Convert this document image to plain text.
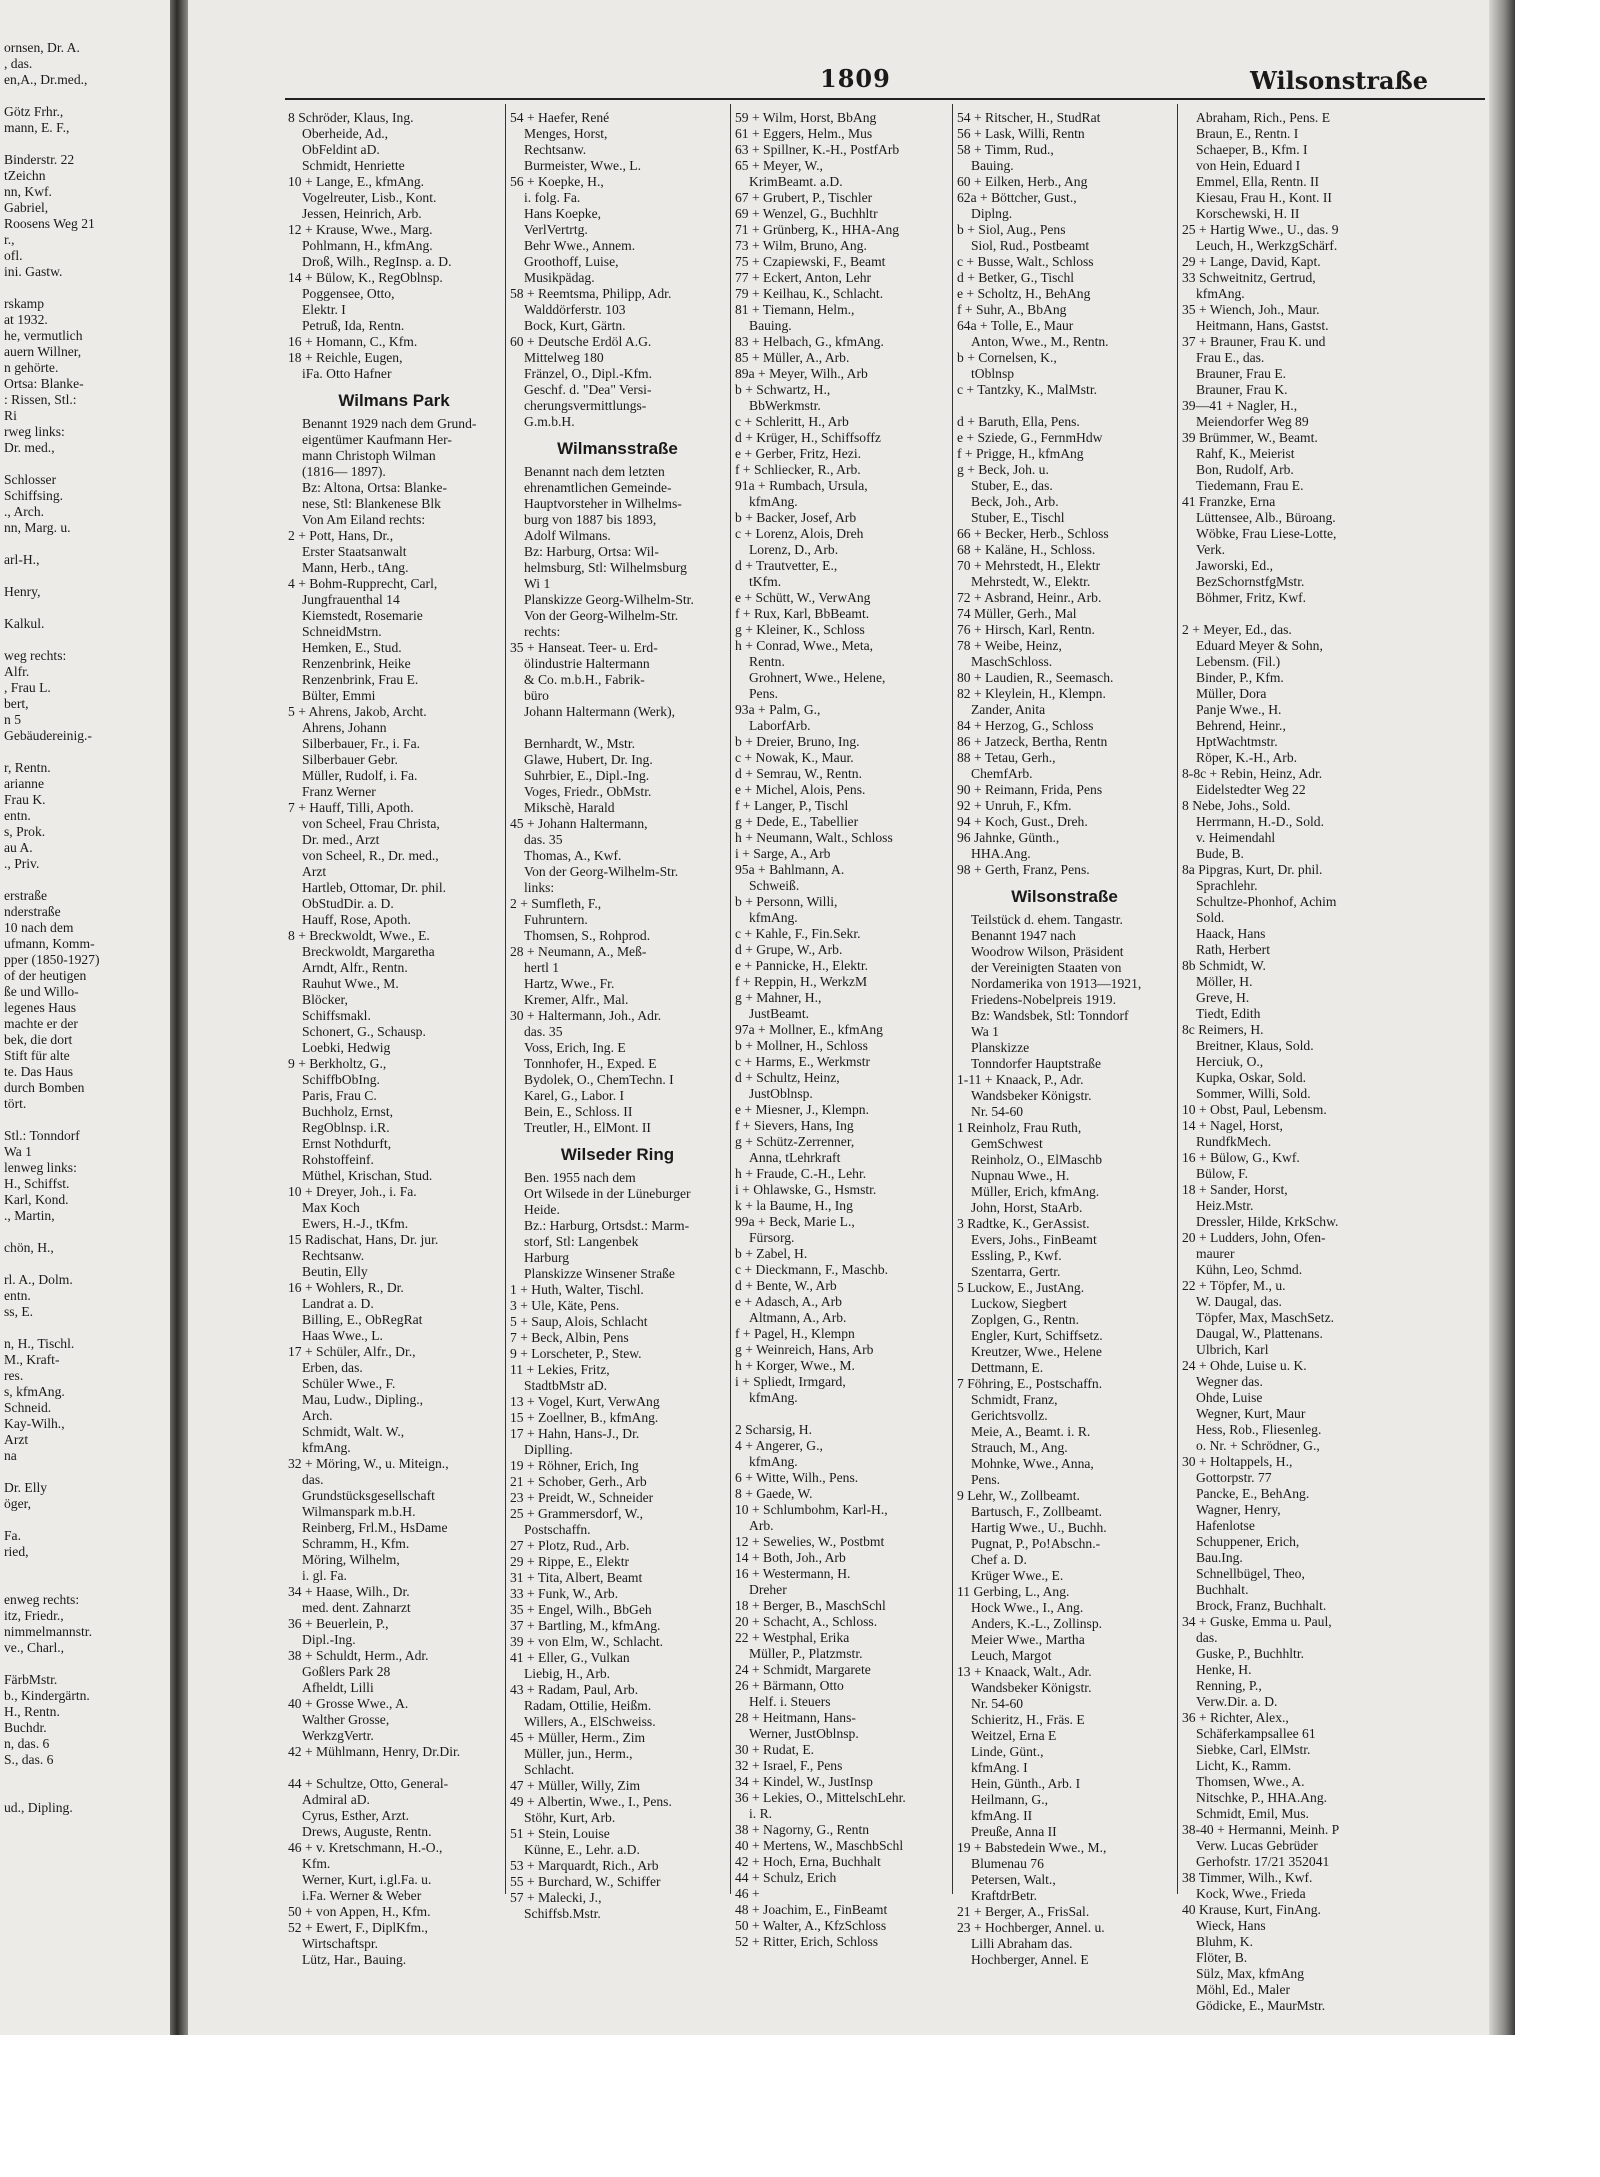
ornsen, Dr. A.
, das.
en,A., Dr.med.,

Götz Frhr.,
mann, E. F.,

Binderstr. 22
tZeichn
nn, Kwf.
Gabriel,
Roosens Weg 21
r.,
ofl.
ini. Gastw.

rskamp
at 1932.
he, vermutlich
auern Willner,
n gehörte.
Ortsa: Blanke-
: Rissen, Stl.:
Ri
rweg links:
Dr. med.,

Schlosser
Schiffsing.
., Arch.
nn, Marg. u.

arl-H.,

Henry,

Kalkul.

weg rechts:
Alfr.
, Frau L.
bert,
n 5
Gebäudereinig.-

r, Rentn.
arianne
Frau K.
entn.
s, Prok.
au A.
., Priv.

erstraße
nderstraße
10 nach dem
ufmann, Komm-
pper (1850-1927)
of der heutigen
ße und Willo-
legenes Haus
machte er der
bek, die dort
Stift für alte
te. Das Haus
durch Bomben
tört.

Stl.: Tonndorf
Wa 1
lenweg links:
H., Schiffst.
Karl, Kond.
., Martin,

chön, H.,

rl. A., Dolm.
entn.
ss, E.

n, H., Tischl.
M., Kraft-
res.
s, kfmAng.
Schneid.
Kay-Wilh.,
Arzt
na

Dr. Elly
öger,

Fa.
ried,

enweg rechts:
itz, Friedr.,
nimmelmannstr.
ve., Charl.,

FärbMstr.
b., Kindergärtn.
H., Rentn.
Buchdr.
n, das. 6
S., das. 6

ud., Dipling.
1809	Wilsonstraße
8 Schröder, Klaus, Ing.
Oberheide, Ad.,
ObFeldint aD.
Schmidt, Henriette
10 + Lange, E., kfmAng.
Vogelreuter, Lisb., Kont.
Jessen, Heinrich, Arb.
12 + Krause, Wwe., Marg.
Pohlmann, H., kfmAng.
Droß, Wilh., RegInsp. a. D.
14 + Bülow, K., RegOblnsp.
Poggensee, Otto,
Elektr. I
Petruß, Ida, Rentn.
16 + Homann, C., Kfm.
18 + Reichle, Eugen,
iFa. Otto Hafner
Wilmans Park
Benannt 1929 nach dem Grund-
eigentümer Kaufmann Her-
mann Christoph Wilman
(1816— 1897).
Bz: Altona, Ortsa: Blanke-
nese, Stl: Blankenese Blk
Von Am Eiland rechts:
2 + Pott, Hans, Dr.,
Erster Staatsanwalt
Mann, Herb., tAng.
4 + Bohm-Rupprecht, Carl,
Jungfrauenthal 14
Kiemstedt, Rosemarie
SchneidMstrn.
Hemken, E., Stud.
Renzenbrink, Heike
Renzenbrink, Frau E.
Bülter, Emmi
5 + Ahrens, Jakob, Archt.
Ahrens, Johann
Silberbauer, Fr., i. Fa.
Silberbauer Gebr.
Müller, Rudolf, i. Fa.
Franz Werner
7 + Hauff, Tilli, Apoth.
von Scheel, Frau Christa,
Dr. med., Arzt
von Scheel, R., Dr. med.,
Arzt
Hartleb, Ottomar, Dr. phil.
ObStudDir. a. D.
Hauff, Rose, Apoth.
8 + Breckwoldt, Wwe., E.
Breckwoldt, Margaretha
Arndt, Alfr., Rentn.
Rauhut Wwe., M.
Blöcker,
Schiffsmakl.
Schonert, G., Schausp.
Loebki, Hedwig
9 + Berkholtz, G.,
SchiffbObIng.
Paris, Frau C.
Buchholz, Ernst,
RegOblnsp. i.R.
Ernst Nothdurft,
Rohstoffeinf.
Müthel, Krischan, Stud.
10 + Dreyer, Joh., i. Fa.
Max Koch
Ewers, H.-J., tKfm.
15 Radischat, Hans, Dr. jur.
Rechtsanw.
Beutin, Elly
16 + Wohlers, R., Dr.
Landrat a. D.
Billing, E., ObRegRat
Haas Wwe., L.
17 + Schüler, Alfr., Dr.,
Erben, das.
Schüler Wwe., F.
Mau, Ludw., Dipling.,
Arch.
Schmidt, Walt. W.,
kfmAng.
32 + Möring, W., u. Miteign.,
das.
Grundstücksgesellschaft
Wilmanspark m.b.H.
Reinberg, Frl.M., HsDame
Schramm, H., Kfm.
Möring, Wilhelm,
i. gl. Fa.
34 + Haase, Wilh., Dr.
med. dent. Zahnarzt
36 + Beuerlein, P.,
Dipl.-Ing.
38 + Schuldt, Herm., Adr.
Goßlers Park 28
Afheldt, Lilli
40 + Grosse Wwe., A.
Walther Grosse,
WerkzgVertr.
42 + Mühlmann, Henry, Dr.Dir.

44 + Schultze, Otto, General-
Admiral aD.
Cyrus, Esther, Arzt.
Drews, Auguste, Rentn.
46 + v. Kretschmann, H.-O.,
Kfm.
Werner, Kurt, i.gl.Fa. u.
i.Fa. Werner & Weber
50 + von Appen, H., Kfm.
52 + Ewert, F., DiplKfm.,
Wirtschaftspr.
Lütz, Har., Bauing.
54 + Haefer, René
Menges, Horst,
Rechtsanw.
Burmeister, Wwe., L.
56 + Koepke, H.,
i. folg. Fa.
Hans Koepke,
VerlVertrtg.
Behr Wwe., Annem.
Groothoff, Luise,
Musikpädag.
58 + Reemtsma, Philipp, Adr.
Walddörferstr. 103
Bock, Kurt, Gärtn.
60 + Deutsche Erdöl A.G.
Mittelweg 180
Fränzel, O., Dipl.-Kfm.
Geschf. d. "Dea" Versi-
cherungsvermittlungs-
G.m.b.H.
Wilmansstraße
Benannt nach dem letzten
ehrenamtlichen Gemeinde-
Hauptvorsteher in Wilhelms-
burg von 1887 bis 1893,
Adolf Wilmans.
Bz: Harburg, Ortsa: Wil-
helmsburg, Stl: Wilhelmsburg
Wi 1
Planskizze Georg-Wilhelm-Str.
Von der Georg-Wilhelm-Str.
rechts:
35 + Hanseat. Teer- u. Erd-
ölindustrie Haltermann
& Co. m.b.H., Fabrik-
büro
Johann Haltermann (Werk),

Bernhardt, W., Mstr.
Glawe, Hubert, Dr. Ing.
Suhrbier, E., Dipl.-Ing.
Voges, Friedr., ObMstr.
Mikschè, Harald
45 + Johann Haltermann,
das. 35
Thomas, A., Kwf.
Von der Georg-Wilhelm-Str.
links:
2 + Sumfleth, F.,
Fuhruntern.
Thomsen, S., Rohprod.
28 + Neumann, A., Meß-
hertl 1
Hartz, Wwe., Fr.
Kremer, Alfr., Mal.
30 + Haltermann, Joh., Adr.
das. 35
Voss, Erich, Ing. E
Tonnhofer, H., Exped. E
Bydolek, O., ChemTechn. I
Karel, G., Labor. I
Bein, E., Schloss. II
Treutler, H., ElMont. II
Wilseder Ring
Ben. 1955 nach dem
Ort Wilsede in der Lüneburger
Heide.
Bz.: Harburg, Ortsdst.: Marm-
storf, Stl: Langenbek
Harburg
Planskizze Winsener Straße
1 + Huth, Walter, Tischl.
3 + Ule, Käte, Pens.
5 + Saup, Alois, Schlacht
7 + Beck, Albin, Pens
9 + Lorscheter, P., Stew.
11 + Lekies, Fritz,
StadtbMstr aD.
13 + Vogel, Kurt, VerwAng
15 + Zoellner, B., kfmAng.
17 + Hahn, Hans-J., Dr.
Diplling.
19 + Röhner, Erich, Ing
21 + Schober, Gerh., Arb
23 + Preidt, W., Schneider
25 + Grammersdorf, W.,
Postschaffn.
27 + Plotz, Rud., Arb.
29 + Rippe, E., Elektr
31 + Tita, Albert, Beamt
33 + Funk, W., Arb.
35 + Engel, Wilh., BbGeh
37 + Bartling, M., kfmAng.
39 + von Elm, W., Schlacht.
41 + Eller, G., Vulkan
Liebig, H., Arb.
43 + Radam, Paul, Arb.
Radam, Ottilie, Heißm.
Willers, A., ElSchweiss.
45 + Müller, Herm., Zim
Müller, jun., Herm.,
Schlacht.
47 + Müller, Willy, Zim
49 + Albertin, Wwe., I., Pens.
Stöhr, Kurt, Arb.
51 + Stein, Louise
Künne, E., Lehr. a.D.
53 + Marquardt, Rich., Arb
55 + Burchard, W., Schiffer
57 + Malecki, J.,
Schiffsb.Mstr.
59 + Wilm, Horst, BbAng
61 + Eggers, Helm., Mus
63 + Spillner, K.-H., PostfArb
65 + Meyer, W.,
KrimBeamt. a.D.
67 + Grubert, P., Tischler
69 + Wenzel, G., Buchhltr
71 + Grünberg, K., HHA-Ang
73 + Wilm, Bruno, Ang.
75 + Czapiewski, F., Beamt
77 + Eckert, Anton, Lehr
79 + Keilhau, K., Schlacht.
81 + Tiemann, Helm.,
Bauing.
83 + Helbach, G., kfmAng.
85 + Müller, A., Arb.
89a + Meyer, Wilh., Arb
b + Schwartz, H.,
BbWerkmstr.
c + Schleritt, H., Arb
d + Krüger, H., Schiffsoffz
e + Gerber, Fritz, Hezi.
f + Schliecker, R., Arb.
91a + Rumbach, Ursula,
kfmAng.
b + Backer, Josef, Arb
c + Lorenz, Alois, Dreh
Lorenz, D., Arb.
d + Trautvetter, E.,
tKfm.
e + Schütt, W., VerwAng
f + Rux, Karl, BbBeamt.
g + Kleiner, K., Schloss
h + Conrad, Wwe., Meta,
Rentn.
Grohnert, Wwe., Helene,
Pens.
93a + Palm, G.,
LaborfArb.
b + Dreier, Bruno, Ing.
c + Nowak, K., Maur.
d + Semrau, W., Rentn.
e + Michel, Alois, Pens.
f + Langer, P., Tischl
g + Dede, E., Tabellier
h + Neumann, Walt., Schloss
i + Sarge, A., Arb
95a + Bahlmann, A.
Schweiß.
b + Personn, Willi,
kfmAng.
c + Kahle, F., Fin.Sekr.
d + Grupe, W., Arb.
e + Pannicke, H., Elektr.
f + Reppin, H., WerkzM
g + Mahner, H.,
JustBeamt.
97a + Mollner, E., kfmAng
b + Mollner, H., Schloss
c + Harms, E., Werkmstr
d + Schultz, Heinz,
JustOblnsp.
e + Miesner, J., Klempn.
f + Sievers, Hans, Ing
g + Schütz-Zerrenner,
Anna, tLehrkraft
h + Fraude, C.-H., Lehr.
i + Ohlawske, G., Hsmstr.
k + la Baume, H., Ing
99a + Beck, Marie L.,
Fürsorg.
b + Zabel, H.
c + Dieckmann, F., Maschb.
d + Bente, W., Arb
e + Adasch, A., Arb
Altmann, A., Arb.
f + Pagel, H., Klempn
g + Weinreich, Hans, Arb
h + Korger, Wwe., M.
i + Spliedt, Irmgard,
kfmAng.

2 Scharsig, H.
4 + Angerer, G.,
kfmAng.
6 + Witte, Wilh., Pens.
8 + Gaede, W.
10 + Schlumbohm, Karl-H.,
Arb.
12 + Sewelies, W., Postbmt
14 + Both, Joh., Arb
16 + Westermann, H.
Dreher
18 + Berger, B., MaschSchl
20 + Schacht, A., Schloss.
22 + Westphal, Erika
Müller, P., Platzmstr.
24 + Schmidt, Margarete
26 + Bärmann, Otto
Helf. i. Steuers
28 + Heitmann, Hans-
Werner, JustOblnsp.
30 + Rudat, E.
32 + Israel, F., Pens
34 + Kindel, W., JustInsp
36 + Lekies, O., MittelschLehr.
i. R.
38 + Nagorny, G., Rentn
40 + Mertens, W., MaschbSchl
42 + Hoch, Erna, Buchhalt
44 + Schulz, Erich
46 +
48 + Joachim, E., FinBeamt
50 + Walter, A., KfzSchloss
52 + Ritter, Erich, Schloss
54 + Ritscher, H., StudRat
56 + Lask, Willi, Rentn
58 + Timm, Rud.,
Bauing.
60 + Eilken, Herb., Ang
62a + Böttcher, Gust.,
Diplng.
b + Siol, Aug., Pens
Siol, Rud., Postbeamt
c + Busse, Walt., Schloss
d + Betker, G., Tischl
e + Scholtz, H., BehAng
f + Suhr, A., BbAng
64a + Tolle, E., Maur
Anton, Wwe., M., Rentn.
b + Cornelsen, K.,
tOblnsp
c + Tantzky, K., MalMstr.

d + Baruth, Ella, Pens.
e + Sziede, G., FernmHdw
f + Prigge, H., kfmAng
g + Beck, Joh. u.
Stuber, E., das.
Beck, Joh., Arb.
Stuber, E., Tischl
66 + Becker, Herb., Schloss
68 + Kaläne, H., Schloss.
70 + Mehrstedt, H., Elektr
Mehrstedt, W., Elektr.
72 + Asbrand, Heinr., Arb.
74 Müller, Gerh., Mal
76 + Hirsch, Karl, Rentn.
78 + Weibe, Heinz,
MaschSchloss.
80 + Laudien, R., Seemasch.
82 + Kleylein, H., Klempn.
Zander, Anita
84 + Herzog, G., Schloss
86 + Jatzeck, Bertha, Rentn
88 + Tetau, Gerh.,
ChemfArb.
90 + Reimann, Frida, Pens
92 + Unruh, F., Kfm.
94 + Koch, Gust., Dreh.
96 Jahnke, Günth.,
HHA.Ang.
98 + Gerth, Franz, Pens.
Wilsonstraße
Teilstück d. ehem. Tangastr.
Benannt 1947 nach
Woodrow Wilson, Präsident
der Vereinigten Staaten von
Nordamerika von 1913—1921,
Friedens-Nobelpreis 1919.
Bz: Wandsbek, Stl: Tonndorf
Wa 1
Planskizze
Tonndorfer Hauptstraße
1-11 + Knaack, P., Adr.
Wandsbeker Königstr.
Nr. 54-60
1 Reinholz, Frau Ruth,
GemSchwest
Reinholz, O., ElMaschb
Nupnau Wwe., H.
Müller, Erich, kfmAng.
John, Horst, StaArb.
3 Radtke, K., GerAssist.
Evers, Johs., FinBeamt
Essling, P., Kwf.
Szentarra, Gertr.
5 Luckow, E., JustAng.
Luckow, Siegbert
Zoplgen, G., Rentn.
Engler, Kurt, Schiffsetz.
Kreutzer, Wwe., Helene
Dettmann, E.
7 Föhring, E., Postschaffn.
Schmidt, Franz,
Gerichtsvollz.
Meie, A., Beamt. i. R.
Strauch, M., Ang.
Mohnke, Wwe., Anna,
Pens.
9 Lehr, W., Zollbeamt.
Bartusch, F., Zollbeamt.
Hartig Wwe., U., Buchh.
Pugnat, P., Po!Abschn.-
Chef a. D.
Krüger Wwe., E.
11 Gerbing, L., Ang.
Hock Wwe., I., Ang.
Anders, K.-L., Zollinsp.
Meier Wwe., Martha
Leuch, Margot
13 + Knaack, Walt., Adr.
Wandsbeker Königstr.
Nr. 54-60
Schieritz, H., Fräs. E
Weitzel, Erna E
Linde, Günt.,
kfmAng. I
Hein, Günth., Arb. I
Heilmann, G.,
kfmAng. II
Preuße, Anna II
19 + Babstedein Wwe., M.,
Blumenau 76
Petersen, Walt.,
KraftdrBetr.
21 + Berger, A., FrisSal.
23 + Hochberger, Annel. u.
Lilli Abraham das.
Hochberger, Annel. E
Abraham, Rich., Pens. E
Braun, E., Rentn. I
Schaeper, B., Kfm. I
von Hein, Eduard I
Emmel, Ella, Rentn. II
Kiesau, Frau H., Kont. II
Korschewski, H. II
25 + Hartig Wwe., U., das. 9
Leuch, H., WerkzgSchärf.
29 + Lange, David, Kapt.
33 Schweitnitz, Gertrud,
kfmAng.
35 + Wiench, Joh., Maur.
Heitmann, Hans, Gastst.
37 + Brauner, Frau K. und
Frau E., das.
Brauner, Frau E.
Brauner, Frau K.
39—41 + Nagler, H.,
Meiendorfer Weg 89
39 Brümmer, W., Beamt.
Rahf, K., Meierist
Bon, Rudolf, Arb.
Tiedemann, Frau E.
41 Franzke, Erna
Lüttensee, Alb., Büroang.
Wöbke, Frau Liese-Lotte,
Verk.
Jaworski, Ed.,
BezSchornstfgMstr.
Böhmer, Fritz, Kwf.

2 + Meyer, Ed., das.
Eduard Meyer & Sohn,
Lebensm. (Fil.)
Binder, P., Kfm.
Müller, Dora
Panje Wwe., H.
Behrend, Heinr.,
HptWachtmstr.
Röper, K.-H., Arb.
8-8c + Rebin, Heinz, Adr.
Eidelstedter Weg 22
8 Nebe, Johs., Sold.
Herrmann, H.-D., Sold.
v. Heimendahl
Bude, B.
8a Pipgras, Kurt, Dr. phil.
Sprachlehr.
Schultze-Phonhof, Achim
Sold.
Haack, Hans
Rath, Herbert
8b Schmidt, W.
Möller, H.
Greve, H.
Tiedt, Edith
8c Reimers, H.
Breitner, Klaus, Sold.
Herciuk, O.,
Kupka, Oskar, Sold.
Sommer, Willi, Sold.
10 + Obst, Paul, Lebensm.
14 + Nagel, Horst,
RundfkMech.
16 + Bülow, G., Kwf.
Bülow, F.
18 + Sander, Horst,
Heiz.Mstr.
Dressler, Hilde, KrkSchw.
20 + Ludders, John, Ofen-
maurer
Kühn, Leo, Schmd.
22 + Töpfer, M., u.
W. Daugal, das.
Töpfer, Max, MaschSetz.
Daugal, W., Plattenans.
Ulbrich, Karl
24 + Ohde, Luise u. K.
Wegner das.
Ohde, Luise
Wegner, Kurt, Maur
Hess, Rob., Fliesenleg.
o. Nr. + Schrödner, G.,
30 + Holtappels, H.,
Gottorpstr. 77
Pancke, E., BehAng.
Wagner, Henry,
Hafenlotse
Schuppener, Erich,
Bau.Ing.
Schnellbügel, Theo,
Buchhalt.
Brock, Franz, Buchhalt.
34 + Guske, Emma u. Paul,
das.
Guske, P., Buchhltr.
Henke, H.
Renning, P.,
Verw.Dir. a. D.
36 + Richter, Alex.,
Schäferkampsallee 61
Siebke, Carl, ElMstr.
Licht, K., Ramm.
Thomsen, Wwe., A.
Nitschke, P., HHA.Ang.
Schmidt, Emil, Mus.
38-40 + Hermanni, Meinh. P
Verw. Lucas Gebrüder
Gerhofstr. 17/21 352041
38 Timmer, Wilh., Kwf.
Kock, Wwe., Frieda
40 Krause, Kurt, FinAng.
Wieck, Hans
Bluhm, K.
Flöter, B.
Sülz, Max, kfmAng
Möhl, Ed., Maler
Gödicke, E., MaurMstr.
